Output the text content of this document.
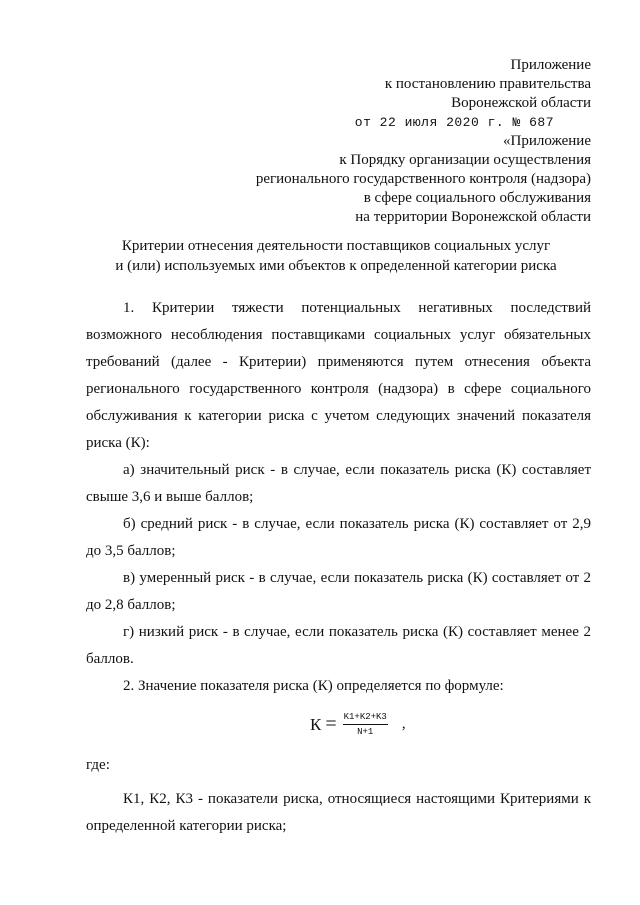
Приложение
к постановлению правительства
Воронежской области
от 22 июля 2020 г. № 687
«Приложение
к Порядку организации осуществления
регионального государственного контроля (надзора)
в сфере социального обслуживания
на территории Воронежской области
Критерии отнесения деятельности поставщиков социальных услуг
и (или) используемых ими объектов к определенной категории риска
1. Критерии тяжести потенциальных негативных последствий
возможного несоблюдения поставщиками социальных услуг обязательных
требований (далее - Критерии) применяются путем отнесения объекта
регионального государственного контроля (надзора) в сфере социального
обслуживания к категории риска с учетом следующих значений показателя
риска (К):
а) значительный риск - в случае, если показатель риска (К) составляет
свыше 3,6 и выше баллов;
б) средний риск - в случае, если показатель риска (К) составляет от 2,9
до 3,5 баллов;
в) умеренный риск - в случае, если показатель риска (К) составляет от 2
до 2,8 баллов;
г) низкий риск - в случае, если показатель риска (К) составляет менее 2
баллов.
2. Значение показателя риска (К) определяется по формуле:
$К = \frac{K1+K2+K3}{N+1}$ ,
где:
К1, К2, К3 - показатели риска, относящиеся настоящими Критериями к
определенной категории риска;
